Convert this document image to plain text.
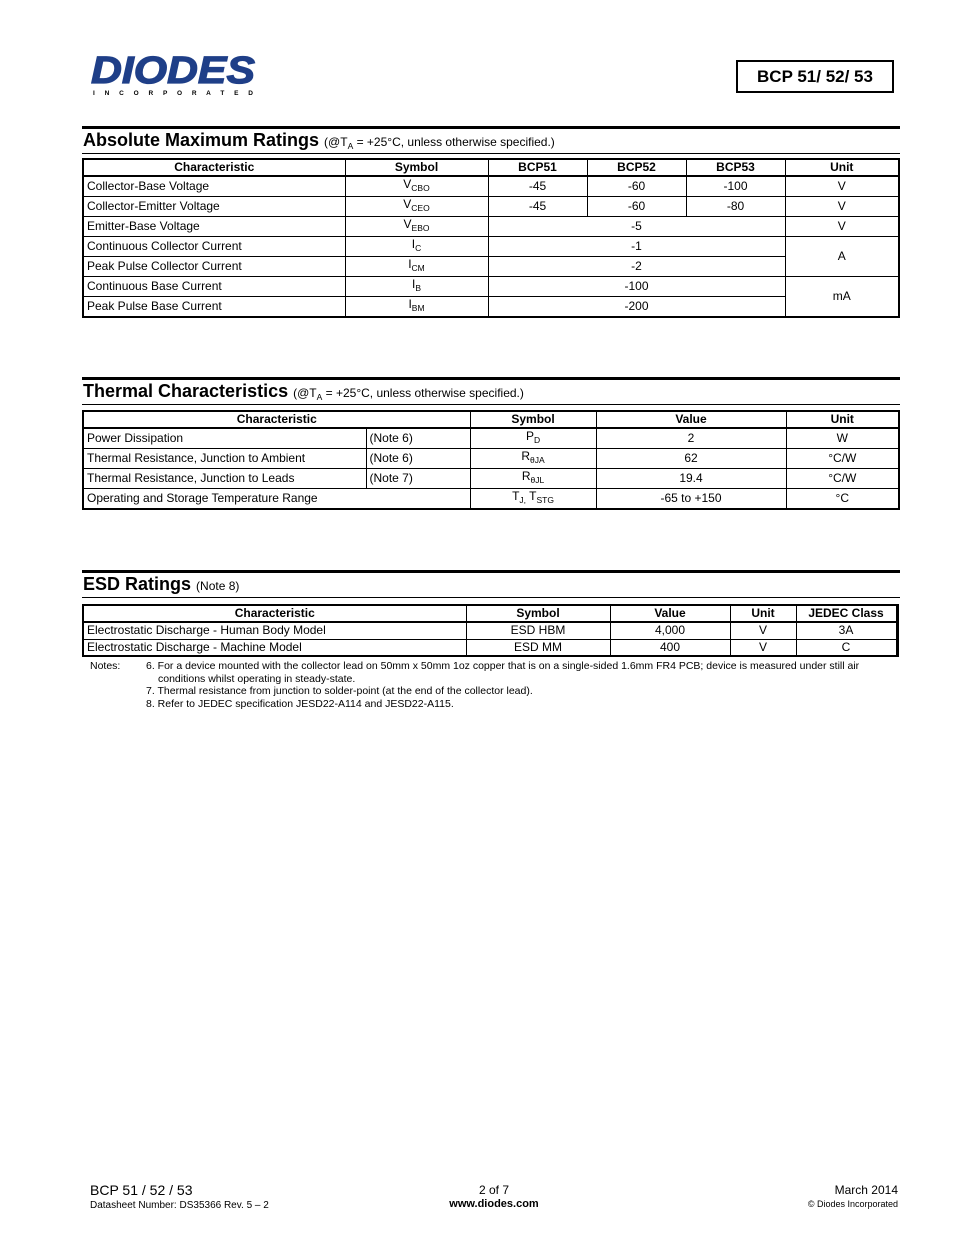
DIODES
I N C O R P O R A T E D
BCP 51/ 52/ 53
Absolute Maximum Ratings ($@T_A = +25^\circ C$, unless otherwise specified.)
Characteristic	Symbol	BCP51	BCP52	BCP53	Unit
Collector-Base Voltage	$V_{CBO}$	-45	-60	-100	V
Collector-Emitter Voltage	$V_{CEO}$	-45	-60	-80	V
Emitter-Base Voltage	$V_{EBO}$	-5			V
Continuous Collector Current	$I_C$	-1			A
Peak Pulse Collector Current	$I_{CM}$	-2			
Continuous Base Current	$I_B$	-100			mA
Peak Pulse Base Current	$I_{BM}$	-200			
Thermal Characteristics ($@T_A = +25^\circ C$, unless otherwise specified.)
Characteristic		Symbol	Value	Unit
Power Dissipation	(Note 6)	$P_D$	2	W
Thermal Resistance, Junction to Ambient	(Note 6)	$R_{\theta JA}$	62	°C/W
Thermal Resistance, Junction to Leads	(Note 7)	$R_{\theta JL}$	19.4	°C/W
Operating and Storage Temperature Range		$T_{J,}$ $T_{STG}$	-65 to +150	°C
ESD Ratings (Note 8)
Characteristic	Symbol	Value	Unit	JEDEC Class
Electrostatic Discharge - Human Body Model	ESD HBM	4,000	V	3A
Electrostatic Discharge - Machine Model	ESD MM	400	V	C
Notes: 6. For a device mounted with the collector lead on 50mm x 50mm 1oz copper that is on a single-sided 1.6mm FR4 PCB; device is measured under still air
conditions whilst operating in steady-state.
7. Thermal resistance from junction to solder-point (at the end of the collector lead).
8. Refer to JEDEC specification JESD22-A114 and JESD22-A115.
BCP 51 / 52 / 53
Datasheet Number: DS35366 Rev. 5 – 2
2 of 7
www.diodes.com
March 2014
© Diodes Incorporated
